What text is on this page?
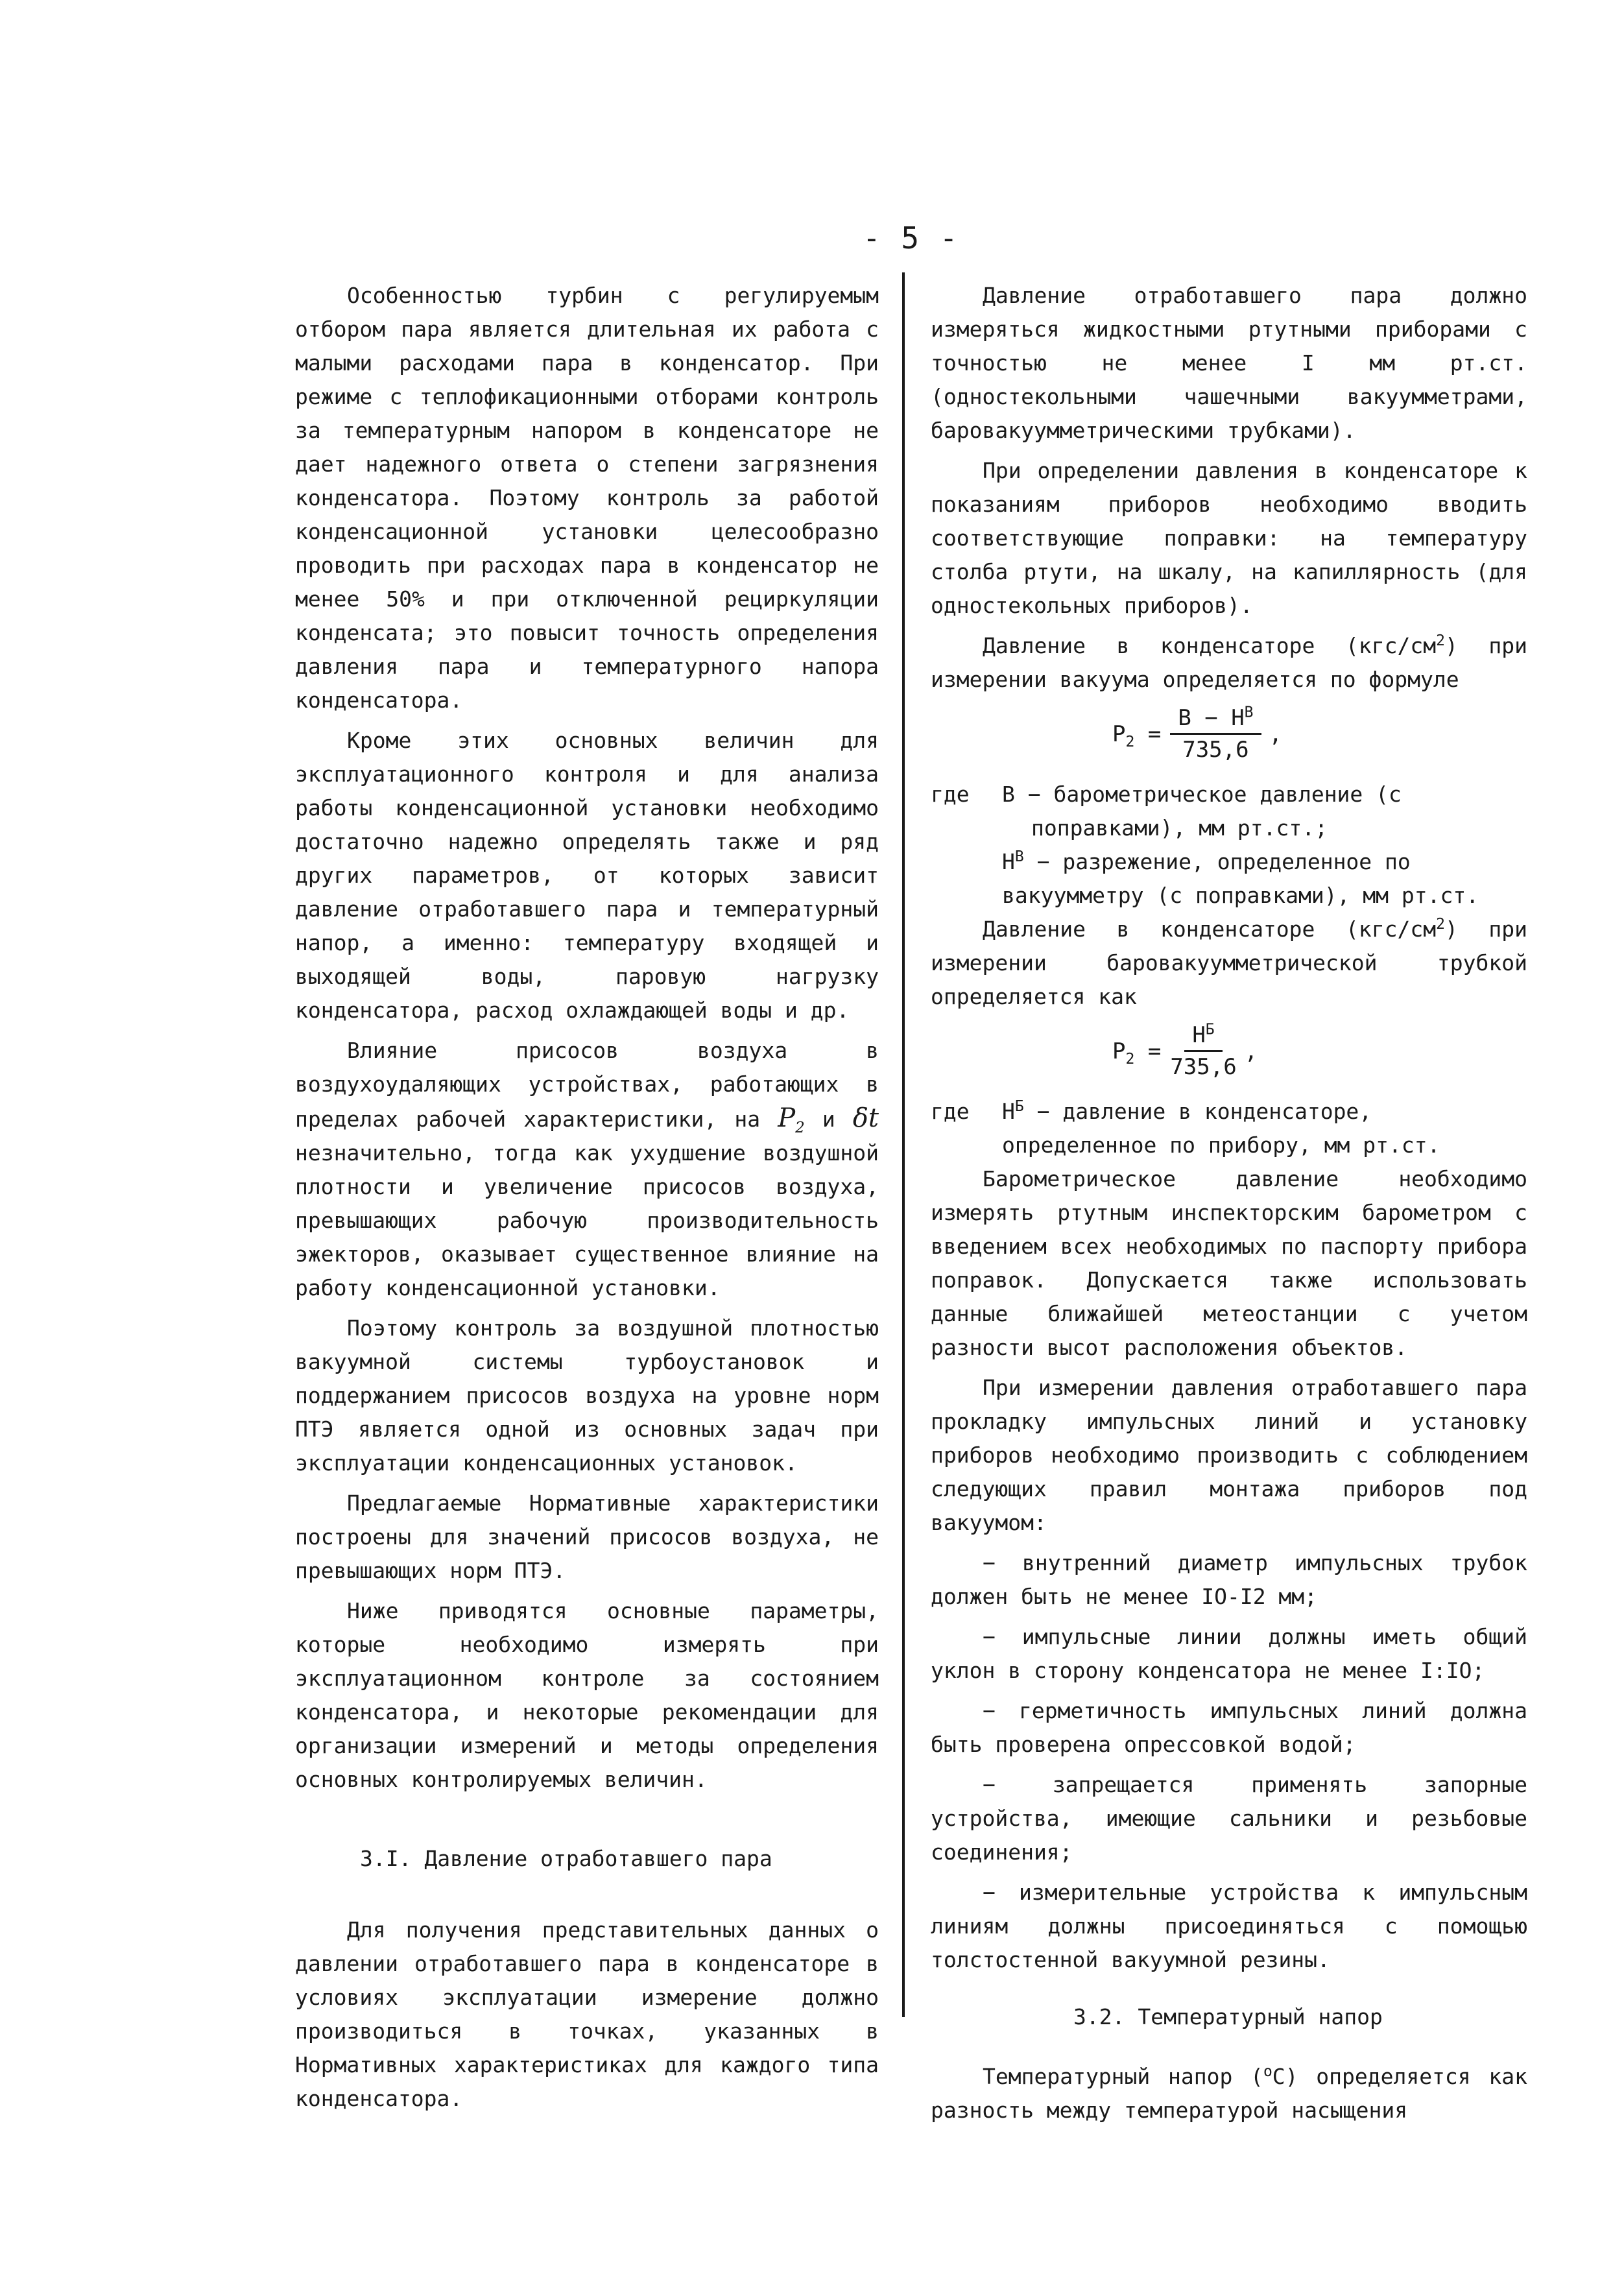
- 5 -

Особенностью турбин с регулируемым отбором пара является длительная их работа с малыми расходами пара в конденсатор. При режиме с теплофикационными отборами контроль за температурным напором в конденсаторе не дает надежного ответа о степени загрязнения конденсатора. Поэтому контроль за работой конденсационной установки целесообразно проводить при расходах пара в конденсатор не менее 50% и при отключенной рециркуляции конденсата; это повысит точность определения давления пара и температурного напора конденсатора.

Кроме этих основных величин для эксплуатационного контроля и для анализа работы конденсационной установки необходимо достаточно надежно определять также и ряд других параметров, от которых зависит давление отработавшего пара и температурный напор, а именно: температуру входящей и выходящей воды, паровую нагрузку конденсатора, расход охлаждающей воды и др.

Влияние присосов воздуха в воздухоудаляющих устройствах, работающих в пределах рабочей характеристики, на $P_2$ и δt незначительно, тогда как ухудшение воздушной плотности и увеличение присосов воздуха, превышающих рабочую производительность эжекторов, оказывает существенное влияние на работу конденсационной установки.

Поэтому контроль за воздушной плотностью вакуумной системы турбоустановок и поддержанием присосов воздуха на уровне норм ПТЭ является одной из основных задач при эксплуатации конденсационных установок.

Предлагаемые Нормативные характеристики построены для значений присосов воздуха, не превышающих норм ПТЭ.

Ниже приводятся основные параметры, которые необходимо измерять при эксплуатационном контроле за состоянием конденсатора, и некоторые рекомендации для организации измерений и методы определения основных контролируемых величин.

3.I. Давление отработавшего пара

Для получения представительных данных о давлении отработавшего пара в конденсаторе в условиях эксплуатации измерение должно производиться в точках, указанных в Нормативных характеристиках для каждого типа конденсатора.

Давление отработавшего пара должно измеряться жидкостными ртутными приборами с точностью не менее I мм рт.ст. (одностекольными чашечными вакуумметрами, баровакуумметрическими трубками).

При определении давления в конденсаторе к показаниям приборов необходимо вводить соответствующие поправки: на температуру столба ртути, на шкалу, на капиллярность (для одностекольных приборов).

Давление в конденсаторе $(кгс/см^2)$ при измерении вакуума определяется по формуле

$P_2 = \frac{B - H^B}{735,6}$ ,
где	B − барометрическое давление (с поправками), мм рт.ст.;
$H^B$ − разрежение, определенное по вакуумметру (с поправками), мм рт.ст.

Давление в конденсаторе $(кгс/см^2)$ при измерении баровакуумметрической трубкой определяется как

$P_2 = \frac{H^Б}{735,6}$ ,
где	$H^Б$ − давление в конденсаторе, определенное по прибору, мм рт.ст.

Барометрическое давление необходимо измерять ртутным инспекторским барометром с введением всех необходимых по паспорту прибора поправок. Допускается также использовать данные ближайшей метеостанции с учетом разности высот расположения объектов.

При измерении давления отработавшего пара прокладку импульсных линий и установку приборов необходимо производить с соблюдением следующих правил монтажа приборов под вакуумом:

− внутренний диаметр импульсных трубок должен быть не менее IO-I2 мм;

− импульсные линии должны иметь общий уклон в сторону конденсатора не менее I:IO;

− герметичность импульсных линий должна быть проверена опрессовкой водой;

− запрещается применять запорные устройства, имеющие сальники и резьбовые соединения;

− измерительные устройства к импульсным линиям должны присоединяться с помощью толстостенной вакуумной резины.

3.2. Температурный напор

Температурный напор ($^o$C) определяется как разность между температурой насыщения
